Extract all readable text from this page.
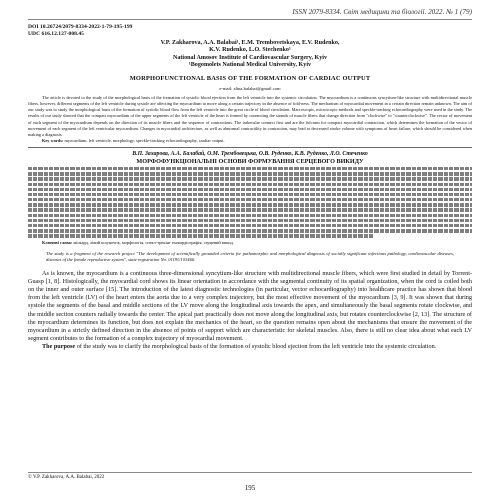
ISSN 2079-8334. Світ медицини та біології. 2022. № 1 (79)
DOI 10.26724/2079-8334-2022-1-79-195-199
UDC 616.12.127-008.45
V.P. Zakharova, A.A. Balabai¹, E.M. Trembovetskaya, E.V. Rudenko,
K.V. Rudenko, L.O. Stechenko¹
National Amosov Institute of Cardiovascular Surgery, Kyiv
¹Bogomolets National Medical University, Kyiv
MORPHOFUNCTIONAL BASIS OF THE FORMATION OF CARDIAC OUTPUT
e-mail: alina.balabai@gmail.com

The article is devoted to the study of the morphological basis of the formation of systolic blood ejection from the left ventricle into the systemic circulation. The myocardium is a continuous syncytium-like structure with multidirectional muscle fibers, however, different segments of the left ventricle during systole are affecting the myocardium to move along a certain trajectory in the absence of fold-ness. The mechanism of myocardial movement in a certain direction remain unknown. The aim of our study was to study the morphological basis of the formation of systolic blood flow from the left ventricle into the great circle of blood circulation. Macroscopic, microscopic methods and speckle-tracking echocardiography were used in the study. The results of our study showed that the compact myocardium of the upper segments of the left ventricle of the heart is formed by connecting the strands of muscle fibers that change direction from "clockwise" to "counterclockwise". The vector of movement of each segment of the myocardium depends on the direction of its muscle fibers and the sequence of contractions. The trabecular connect first and are the fulcrum for compact myocardial contraction, which determines the formation of the vector of movement of each segment of the left ventricular myocardium. Changes in myocardial architecture, as well as abnormal contractility in contraction, may lead to decreased stroke volume with symptoms of heart failure, which should be considered when making a diagnosis.

Key words: myocardium, left ventricle, morphology, speckle-tracking echocardiography, cardiac output.

В.П. Захарова, А.А. Балабай, О.М. Трембовецька, О.В. Руденко, К.В. Руденко, Л.О. Стеченко
МОРФОФУНКЦІОНАЛЬНІ ОСНОВИ ФОРМУВАННЯ СЕРЦЕВОГО ВИКИДУ
Ключові слова: міокард, лівий шлуночок, морфологія, спекл-трекінг ехокардіографія, серцевий викид.
The study is a fragment of the research project "The development of scientifically grounded criteria for pathomorphic and morphological diagnosis of socially significant infectious pathology, cardiovascular diseases, diseases of the female reproductive system", state registration No. 0119U103466.

As is known, the myocardium is a continuous three-dimensional syncytium-like structure with multidirectional muscle fibers, which were first studied in detail by Torrent-Guasp [1, 8]. Histologically, the myocardial cord shows its linear orientation in accordance with the segmental continuity of its spatial organization, when the cord is coiled both on the inner and outer surface [15]. The introduction of the latest diagnostic technologies (in particular, vector echocardiography) into healthcare practice has shown that blood from the left ventricle (LV) of the heart enters the aorta due to a very complex trajectory, but the most effective movement of the myocardium [3, 9]. It was shown that during systole the segments of the basal and middle sections of the LV move along the longitudinal axis towards the apex, and simultaneously the basal segments rotate clockwise, and the middle section counters radially towards the center. The apical part practically does not move along the longitudinal axis, but rotates counterclockwise [2, 13]. The structure of the myocardium determines its function, but does not explain the mechanics of the heart, so the question remains open about the mechanisms that ensure the movement of the myocardium in a strictly defined direction in the absence of points of support which are characteristic for skeletal muscles. Also, there is still no clear idea about what each LV segment contributes to the formation of a complex trajectory of myocardial movement.

The purpose of the study was to clarify the morphological basis of the formation of systolic blood ejection from the left ventricle into the systemic circulation.

© V.P. Zakharova, A.A. Balabai, 2022
195
